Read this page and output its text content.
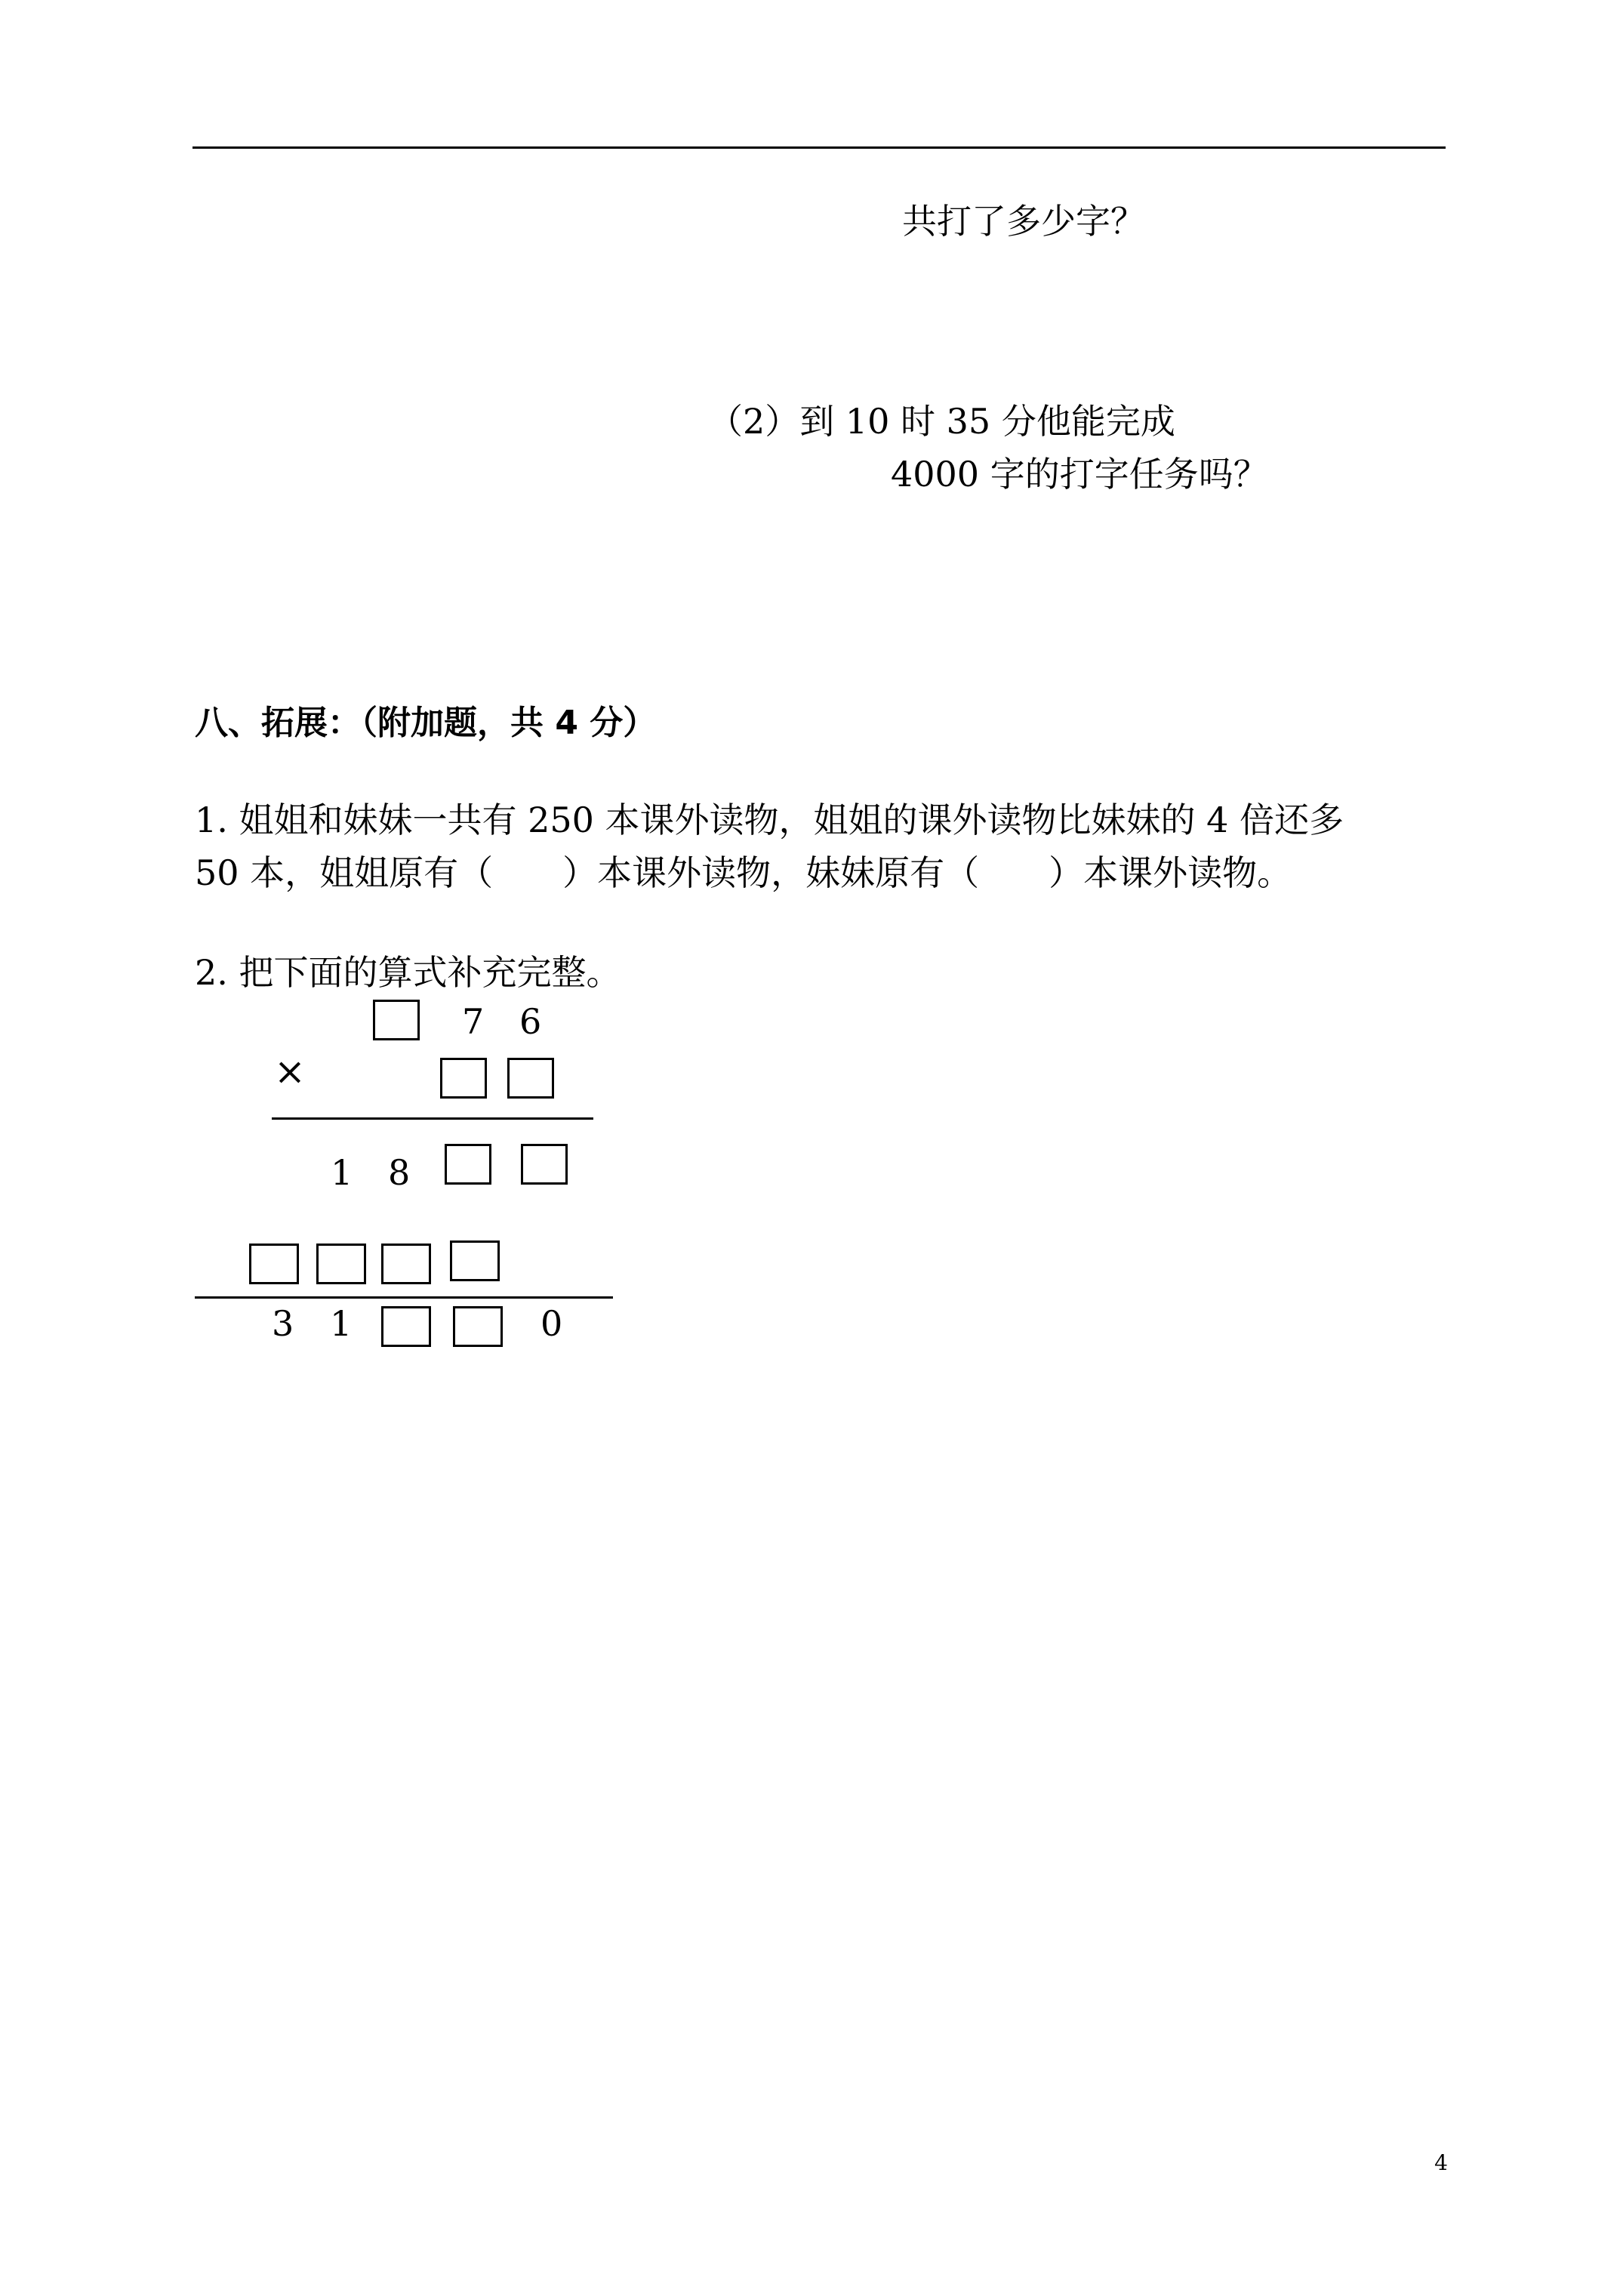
共打了多少字？
（2）到 10 时 35 分他能完成
4000 字的打字任务吗？
八、拓展：（附加题，共 4 分）
1. 姐姐和妹妹一共有 250 本课外读物，姐姐的课外读物比妹妹的 4 倍还多
50 本，姐姐原有（　　）本课外读物，妹妹原有（　　）本课外读物。
2. 把下面的算式补充完整。
7 6
×
1 8
3 1	0
4
